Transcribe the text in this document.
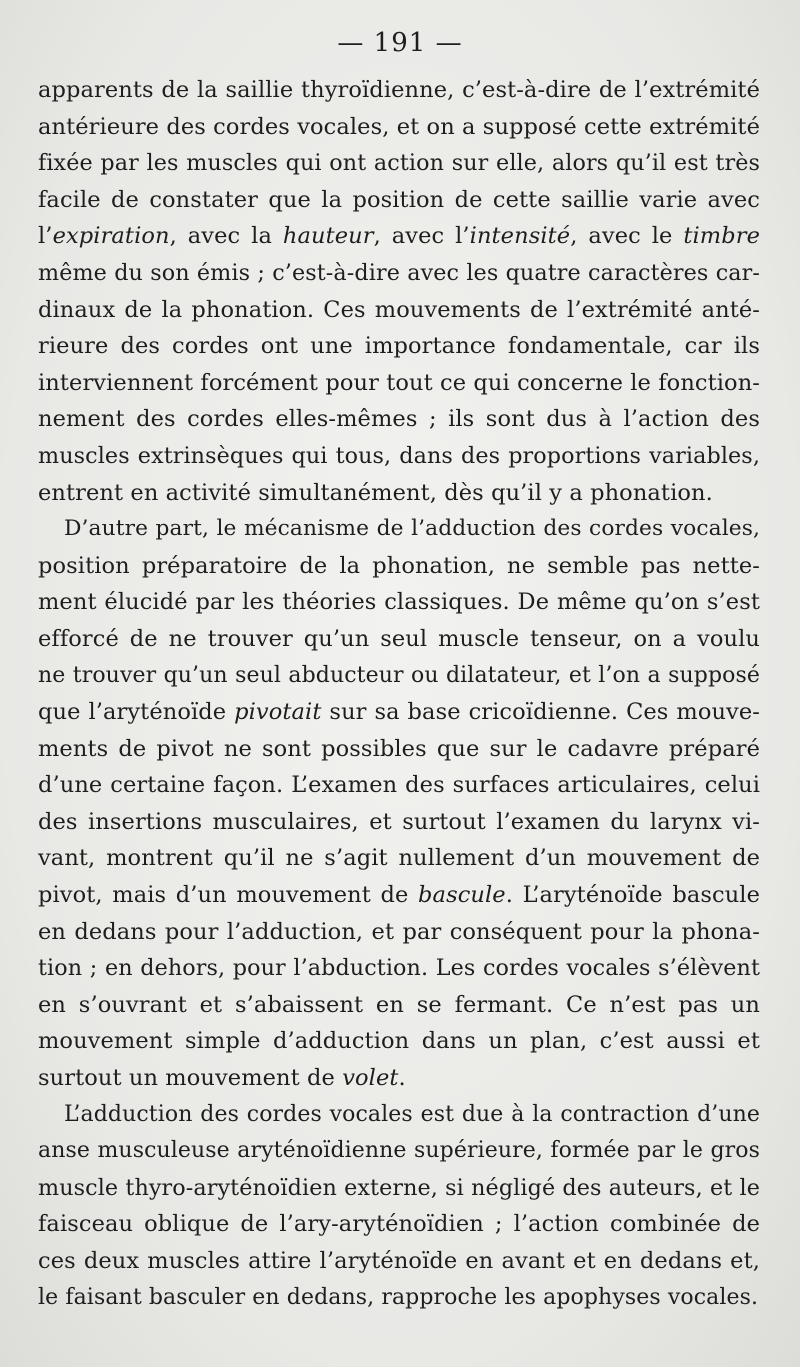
— 191 —
apparents de la saillie thyroïdienne, c’est-à-dire de l’extrémité
antérieure des cordes vocales, et on a supposé cette extrémité
fixée par les muscles qui ont action sur elle, alors qu’il est très
facile de constater que la position de cette saillie varie avec
l’expiration, avec la hauteur, avec l’intensité, avec le timbre
même du son émis ; c’est-à-dire avec les quatre caractères car-
dinaux de la phonation. Ces mouvements de l’extrémité anté-
rieure des cordes ont une importance fondamentale, car ils
interviennent forcément pour tout ce qui concerne le fonction-
nement des cordes elles-mêmes ; ils sont dus à l’action des
muscles extrinsèques qui tous, dans des proportions variables,
entrent en activité simultanément, dès qu’il y a phonation.
D’autre part, le mécanisme de l’adduction des cordes vocales,
position préparatoire de la phonation, ne semble pas nette-
ment élucidé par les théories classiques. De même qu’on s’est
efforcé de ne trouver qu’un seul muscle tenseur, on a voulu
ne trouver qu’un seul abducteur ou dilatateur, et l’on a supposé
que l’aryténoïde pivotait sur sa base cricoïdienne. Ces mouve-
ments de pivot ne sont possibles que sur le cadavre préparé
d’une certaine façon. L’examen des surfaces articulaires, celui
des insertions musculaires, et surtout l’examen du larynx vi-
vant, montrent qu’il ne s’agit nullement d’un mouvement de
pivot, mais d’un mouvement de bascule. L’aryténoïde bascule
en dedans pour l’adduction, et par conséquent pour la phona-
tion ; en dehors, pour l’abduction. Les cordes vocales s’élèvent
en s’ouvrant et s’abaissent en se fermant. Ce n’est pas un
mouvement simple d’adduction dans un plan, c’est aussi et
surtout un mouvement de volet.
L’adduction des cordes vocales est due à la contraction d’une
anse musculeuse aryténoïdienne supérieure, formée par le gros
muscle thyro-aryténoïdien externe, si négligé des auteurs, et le
faisceau oblique de l’ary-aryténoïdien ; l’action combinée de
ces deux muscles attire l’aryténoïde en avant et en dedans et,
le faisant basculer en dedans, rapproche les apophyses vocales.
